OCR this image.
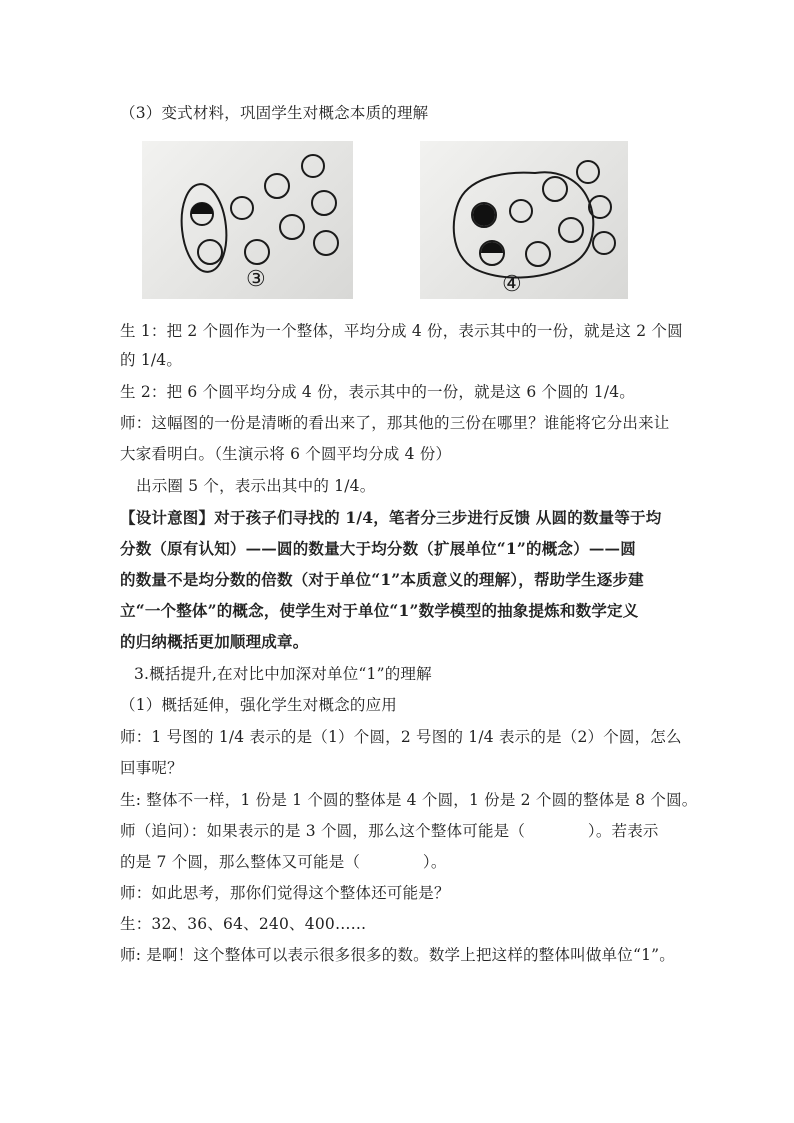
（3）变式材料，巩固学生对概念本质的理解
③	④
生 1：把 2 个圆作为一个整体，平均分成 4 份，表示其中的一份，就是这 2 个圆
的 1/4。
生 2：把 6 个圆平均分成 4 份，表示其中的一份，就是这 6 个圆的 1/4。
师：这幅图的一份是清晰的看出来了，那其他的三份在哪里？谁能将它分出来让
大家看明白。（生演示将 6 个圆平均分成 4 份）
出示圈 5 个，表示出其中的 1/4。
【设计意图】对于孩子们寻找的 1/4，笔者分三步进行反馈 从圆的数量等于均
分数（原有认知）——圆的数量大于均分数（扩展单位“1”的概念）——圆
的数量不是均分数的倍数（对于单位“1”本质意义的理解），帮助学生逐步建
立“一个整体”的概念，使学生对于单位“1”数学模型的抽象提炼和数学定义
的归纳概括更加顺理成章。
3.概括提升,在对比中加深对单位“1”的理解
（1）概括延伸，强化学生对概念的应用
师：1 号图的 1/4 表示的是（1）个圆，2 号图的 1/4 表示的是（2）个圆，怎么
回事呢？
生: 整体不一样，1 份是 1 个圆的整体是 4 个圆，1 份是 2 个圆的整体是 8 个圆。
师（追问）：如果表示的是 3 个圆，那么这个整体可能是（　　　　）。若表示
的是 7 个圆，那么整体又可能是（　　　　）。
师：如此思考，那你们觉得这个整体还可能是？
生：32、36、64、240、400……
师: 是啊！这个整体可以表示很多很多的数。数学上把这样的整体叫做单位“1”。
